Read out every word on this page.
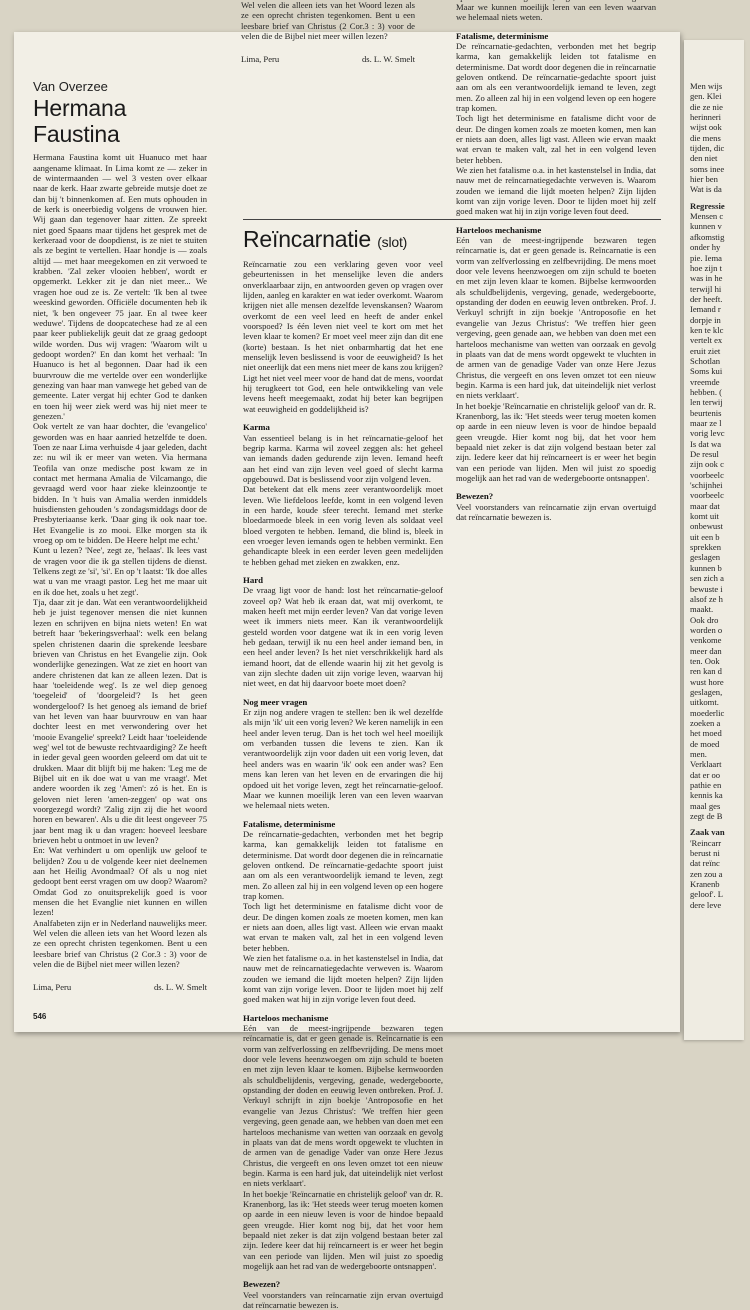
Van Overzee
Hermana Faustina

Hermana Faustina komt uit Huanuco met haar aangename klimaat. In Lima komt ze — zeker in de wintermaanden — wel 3 vesten over elkaar naar de kerk. Haar zwarte gebreide mutsje doet ze dan bij 't binnenkomen af. Een muts ophouden in de kerk is oneerbiedig volgens de vrouwen hier. Wij gaan dan tegenover haar zitten. Ze spreekt niet goed Spaans maar tijdens het gesprek met de kerkeraad voor de doopdienst, is ze niet te stuiten als ze begint te vertellen. Haar hondje is — zoals altijd — met haar meegekomen en zit verwoed te krabben. 'Zal zeker vlooien hebben', wordt er opgemerkt. Lekker zit je dan niet meer... We vragen hoe oud ze is. Ze vertelt: 'Ik ben al twee weeskind geworden. Officiële documenten heb ik niet, 'k ben ongeveer 75 jaar. En al twee keer weduwe'. Tijdens de doopcatechese had ze al een paar keer publiekelijk geuit dat ze graag gedoopt wilde worden. Dus wij vragen: 'Waarom wilt u gedoopt worden?' En dan komt het verhaal: 'In Huanuco is het al begonnen. Daar had ik een buurvrouw die me vertelde over een wonderlijke genezing van haar man vanwege het gebed van de gemeente. Later vergat hij echter God te danken en toen hij weer ziek werd was hij niet meer te genezen.'

Ook vertelt ze van haar dochter, die 'evangelico' geworden was en haar aanried hetzelfde te doen. Toen ze naar Lima verhuisde 4 jaar geleden, dacht ze: nu wil ik er meer van weten. Via hermana Teofila van onze medische post kwam ze in contact met hermana Amalia de Vilcamango, die gevraagd werd voor haar zieke kleinzoontje te bidden. In 't huis van Amalia werden inmiddels huisdiensten gehouden 's zondagsmiddags door de Presbyteriaanse kerk. 'Daar ging ik ook naar toe. Het Evangelie is zo mooi. Elke morgen sta ik vroeg op om te bidden. De Heere helpt me echt.'

Kunt u lezen? 'Nee', zegt ze, 'helaas'. Ik lees vast de vragen voor die ik ga stellen tijdens de dienst. Telkens zegt ze 'si', 'si'. En op 't laatst: 'Ik doe alles wat u van me vraagt pastor. Leg het me maar uit en ik doe het, zoals u het zegt'.

Tja, daar zit je dan. Wat een verantwoordelijkheid heb je juist tegenover mensen die niet kunnen lezen en schrijven en bijna niets weten! En wat betreft haar 'bekeringsverhaal': welk een belang spelen christenen daarin die sprekende leesbare brieven van Christus en het Evangelie zijn. Ook wonderlijke genezingen. Wat ze ziet en hoort van andere christenen dat kan ze alleen lezen. Dat is haar 'toeleidende weg'. Is ze wel diep genoeg 'toegeleid' of 'doorgeleid'? Is het geen wondergeloof? Is het genoeg als iemand de brief van het leven van haar buurvrouw en van haar dochter leest en met verwondering over het 'mooie Evangelie' spreekt? Leidt haar 'toeleidende weg' wel tot de bewuste rechtvaardiging? Ze heeft in ieder geval geen woorden geleerd om dat uit te drukken. Maar dit blijft bij me haken: 'Leg me de Bijbel uit en ik doe wat u van me vraagt'. Met andere woorden ik zeg 'Amen': zó is het. En is geloven niet leren 'amen-zeggen' op wat ons voorgezegd wordt? 'Zalig zijn zij die het woord horen en bewaren'. Als u die dit leest ongeveer 75 jaar bent mag ik u dan vragen: hoeveel leesbare brieven hebt u ontmoet in uw leven?

En: Wat verhindert u om openlijk uw geloof te belijden? Zou u de volgende keer niet deelnemen aan het Heilig Avondmaal? Of als u nog niet gedoopt bent eerst vragen om uw doop? Waarom? Omdat God zo onuitsprekelijk goed is voor mensen die het Evanglie niet kunnen en willen lezen!

Analfabeten zijn er in Nederland nauwelijks meer. Wel velen die alleen iets van het Woord lezen als ze een oprecht christen tegenkomen. Bent u een leesbare brief van Christus (2 Cor.3 : 3) voor de velen die de Bijbel niet meer willen lezen?

Lima, Peru	ds. L. W. Smelt
Reïncarnatie (slot)

Reïncarnatie zou een verklaring geven voor veel gebeurtenissen in het menselijke leven die anders onverklaarbaar zijn, en antwoorden geven op vragen over lijden, aanleg en karakter en wat ieder overkomt. Waarom krijgen niet alle mensen dezelfde levenskansen? Waarom overkomt de een veel leed en heeft de ander enkel voorspoed? Is één leven niet veel te kort om met het leven klaar te komen? Er moet veel meer zijn dan dit ene (korte) bestaan. Is het niet onbarmhartig dat het ene menselijk leven beslissend is voor de eeuwigheid? Is het niet oneerlijk dat een mens niet meer de kans zou krijgen? Ligt het niet veel meer voor de hand dat de mens, voordat hij terugkeert tot God, een hele ontwikkeling van vele levens heeft meegemaakt, zodat hij beter kan begrijpen wat eeuwigheid en goddelijkheid is?

Karma

Van essentieel belang is in het reïncarnatie-geloof het begrip karma. Karma wil zoveel zeggen als: het geheel van iemands daden gedurende zijn leven. Iemand heeft aan het eind van zijn leven veel goed of slecht karma opgebouwd. Dat is beslissend voor zijn volgend leven.

Dat betekent dat elk mens zeer verantwoordelijk moet leven. Wie liefdeloos leefde, komt in een volgend leven in een harde, koude sfeer terecht. Iemand met sterke bloedarmoede bleek in een vorig leven als soldaat veel bloed vergoten te hebben. Iemand, die blind is, bleek in een vroeger leven iemands ogen te hebben verminkt. Een gehandicapte bleek in een eerder leven geen medelijden te hebben gehad met zieken en zwakken, enz.

Hard

De vraag ligt voor de hand: lost het reïncarnatie-geloof zoveel op? Wat heb ik eraan dat, wat mij overkomt, te maken heeft met mijn eerder leven? Van dat vorige leven weet ik immers niets meer. Kan ik verantwoordelijk gesteld worden voor datgene wat ik in een vorig leven heb gedaan, terwijl ik nu een heel ander iemand ben, in een heel ander leven? Is het niet verschrikkelijk hard als iemand hoort, dat de ellende waarin hij zit het gevolg is van zijn slechte daden uit zijn vorige leven, waarvan hij niet weet, en dat hij daarvoor boete moet doen?

Nog meer vragen

Er zijn nog andere vragen te stellen: ben ik wel dezelfde als mijn 'ik' uit een vorig leven? We keren namelijk in een heel ander leven terug. Dan is het toch wel heel moeilijk om verbanden tussen die levens te zien. Kan ik verantwoordelijk zijn voor daden uit een vorig leven, dat heel anders was en waarin 'ik' ook een ander was? Een mens kan leren van het leven en de ervaringen die hij opdoed uit het vorige leven, zegt het reïncarnatie-geloof. Maar we kunnen moeilijk leren van een leven waarvan we helemaal niets weten.

Fatalisme, determinisme

De reïncarnatie-gedachten, verbonden met het begrip karma, kan gemakkelijk leiden tot fatalisme en determinisme. Dat wordt door degenen die in reïncarnatie geloven ontkend. De reïncarnatie-gedachte spoort juist aan om als een verantwoordelijk iemand te leven, zegt men. Zo alleen zal hij in een volgend leven op een hogere trap komen.

Toch ligt het determinisme en fatalisme dicht voor de deur. De dingen komen zoals ze moeten komen, men kan er niets aan doen, alles ligt vast. Alleen wie ervan maakt wat ervan te maken valt, zal het in een volgend leven beter hebben.

We zien het fatalisme o.a. in het kastenstelsel in India, dat nauw met de reïncarnatiegedachte verweven is. Waarom zouden we iemand die lijdt moeten helpen? Zijn lijden komt van zijn vorige leven. Door te lijden moet hij zelf goed maken wat hij in zijn vorige leven fout deed.

Harteloos mechanisme

Eén van de meest-ingrijpende bezwaren tegen reïncarnatie is, dat er geen genade is. Reïncarnatie is een vorm van zelfverlossing en zelfbevrijding. De mens moet door vele levens heenzwoegen om zijn schuld te boeten en met zijn leven klaar te komen. Bijbelse kernwoorden als schuldbelijdenis, vergeving, genade, wedergeboorte, opstanding der doden en eeuwig leven ontbreken. Prof. J. Verkuyl schrijft in zijn boekje 'Antroposofie en het evangelie van Jezus Christus': 'We treffen hier geen vergeving, geen genade aan, we hebben van doen met een harteloos mechanisme van wetten van oorzaak en gevolg in plaats van dat de mens wordt opgewekt te vluchten in de armen van de genadige Vader van onze Here Jezus Christus, die vergeeft en ons leven omzet tot een nieuw begin. Karma is een hard juk, dat uiteindelijk niet verlost en niets verklaart'.

In het boekje 'Reïncarnatie en christelijk geloof' van dr. R. Kranenborg, las ik: 'Het steeds weer terug moeten komen op aarde in een nieuw leven is voor de hindoe bepaald geen vreugde. Hier komt nog bij, dat het voor hem bepaald niet zeker is dat zijn volgend bestaan beter zal zijn. Iedere keer dat hij reïncarneert is er weer het begin van een periode van lijden. Men wil juist zo spoedig mogelijk aan het rad van de wedergeboorte ontsnappen'.

Bewezen?

Veel voorstanders van reïncarnatie zijn ervan overtuigd dat reïncarnatie bewezen is.

546

Wel velen die alleen iets van het Woord lezen als ze een oprecht christen tegenkomen. Bent u een leesbare brief van Christus (2 Cor.3 : 3) voor de velen die de Bijbel niet meer willen lezen?

Lima, Peru	ds. L. W. Smelt

Maar we kunnen moeilijk leren van een leven waarvan we helemaal niets weten.

Fatalisme, determinisme

De reïncarnatie-gedachten, verbonden met het begrip karma, kan gemakkelijk leiden tot fatalisme en determinisme. Dat wordt door degenen die in reïncarnatie geloven ontkend. De reïncarnatie-gedachte spoort juist aan om als een verantwoordelijk iemand te leven, zegt men. Zo alleen zal hij in een volgend leven op een hogere trap komen.

Toch ligt het determinisme en fatalisme dicht voor de deur. De dingen komen zoals ze moeten komen, men kan er niets aan doen, alles ligt vast. Alleen wie ervan maakt wat ervan te maken valt, zal het in een volgend leven beter hebben.

We zien het fatalisme o.a. in het kastenstelsel in India, dat nauw met de reïncarnatiegedachte verweven is. Waarom zouden we iemand die lijdt moeten helpen? Zijn lijden komt van zijn vorige leven. Door te lijden moet hij zelf goed maken wat hij in zijn vorige leven fout deed.

Harteloos mechanisme

Eén van de meest-ingrijpende bezwaren tegen reïncarnatie is, dat er geen genade is. Reïncarnatie is een vorm van zelfverlossing en zelfbevrijding. De mens moet door vele levens heenzwoegen om zijn schuld te boeten en met zijn leven klaar te komen. Bijbelse kernwoorden als schuldbelijdenis, vergeving, genade, wedergeboorte, opstanding der doden en eeuwig leven ontbreken. Prof. J. Verkuyl schrijft in zijn boekje 'Antroposofie en het evangelie van Jezus Christus': 'We treffen hier geen vergeving, geen genade aan, we hebben van doen met een harteloos mechanisme van wetten van oorzaak en gevolg in plaats van dat de mens wordt opgewekt te vluchten in de armen van de genadige Vader van onze Here Jezus Christus, die vergeeft en ons leven omzet tot een nieuw begin. Karma is een hard juk, dat uiteindelijk niet verlost en niets verklaart'.

In het boekje 'Reïncarnatie en christelijk geloof' van dr. R. Kranenborg, las ik: 'Het steeds weer terug moeten komen op aarde in een nieuw leven is voor de hindoe bepaald geen vreugde. Hier komt nog bij, dat het voor hem bepaald niet zeker is dat zijn volgend bestaan beter zal zijn. Iedere keer dat hij reïncarneert is er weer het begin van een periode van lijden. Men wil juist zo spoedig mogelijk aan het rad van de wedergeboorte ontsnappen'.

Bewezen?

Veel voorstanders van reïncarnatie zijn ervan overtuigd dat reïncarnatie bewezen is.

Men wijs
gen. Klei
die ze nie
herinneri
wijst ook
die mens
tijden, dic
den niet
soms inee
hier ben
Wat is da
Regressie
Mensen c
kunnen v
afkomstig
onder hy
pie. Iema
hoe zijn t
was in he
terwijl hi
der heeft.
Iemand r
dorpje in
ken te klc
vertelt ex
eruit ziet
Schotlan
Soms kui
vreemde
hebben. (
len terwij
beurtenis
maar ze l
vorig levc
Is dat wa
De resul
zijn ook c
voorbeelc
'schijnhei
voorbeelc
maar dat
komt uit
onbewust
uit een b
sprekken
geslagen
kunnen b
sen zich a
bewuste i
alsof ze h
maakt.
Ook dro
worden o
venkome
meer dan
ten. Ook
ren kan d
wust hore
geslagen,
uitkomt.
moederlic
zoeken a
het moed
de moed
men.
Verklaart
dat er oo
pathie en
kennis ka
maal ges
zegt de B
Zaak van
'Reincarr
berust ni
dat reïnc
zen zou a
Kranenb
geloof'. L
dere leve
